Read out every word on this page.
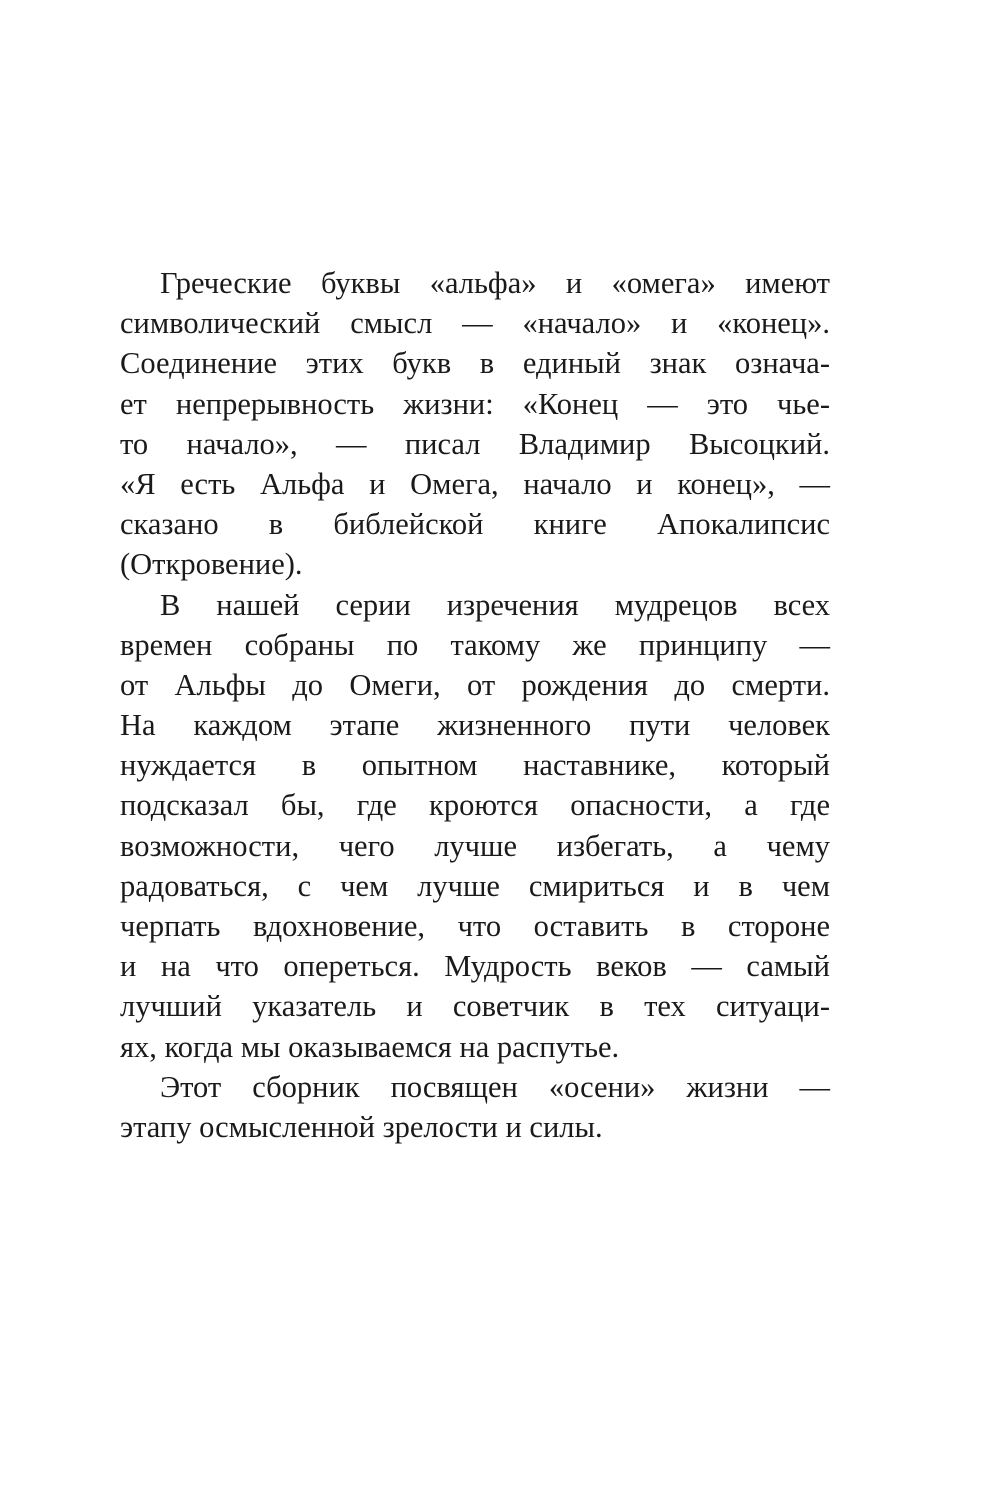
Греческие буквы «альфа» и «омега» имеют
символический смысл — «начало» и «конец».
Соединение этих букв в единый знак означа-
ет непрерывность жизни: «Конец — это чье-
то начало», — писал Владимир Высоцкий.
«Я есть Альфа и Омега, начало и конец», —
сказано в библейской книге Апокалипсис
(Откровение).
В нашей серии изречения мудрецов всех
времен собраны по такому же принципу —
от Альфы до Омеги, от рождения до смерти.
На каждом этапе жизненного пути человек
нуждается в опытном наставнике, который
подсказал бы, где кроются опасности, а где
возможности, чего лучше избегать, а чему
радоваться, с чем лучше смириться и в чем
черпать вдохновение, что оставить в стороне
и на что опереться. Мудрость веков — самый
лучший указатель и советчик в тех ситуаци-
ях, когда мы оказываемся на распутье.
Этот сборник посвящен «осени» жизни —
этапу осмысленной зрелости и силы.
